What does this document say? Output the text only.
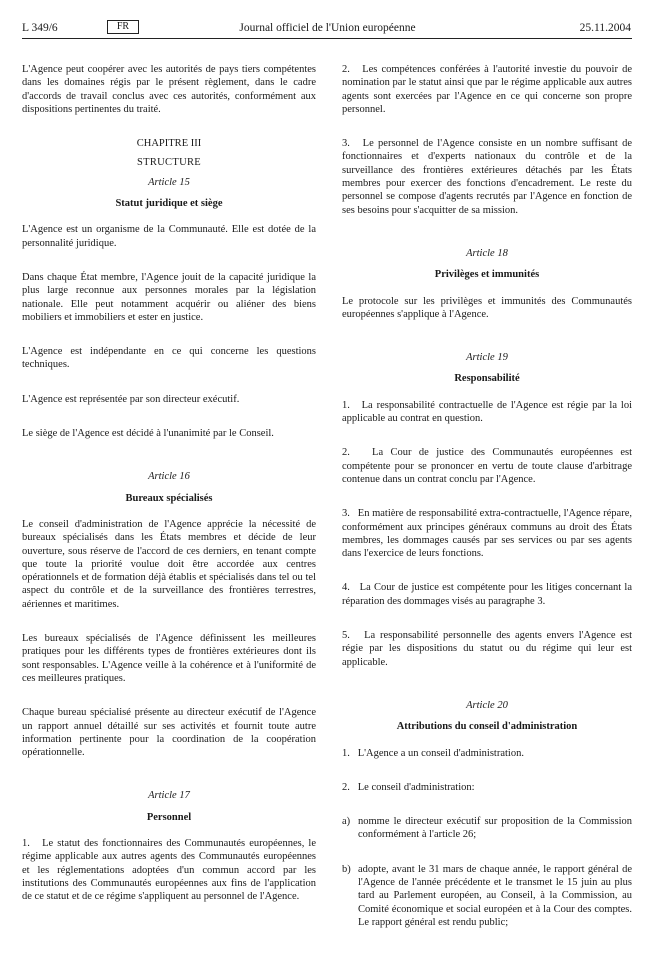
L 349/6	FR	Journal officiel de l'Union européenne	25.11.2004

L'Agence peut coopérer avec les autorités de pays tiers compétentes dans les domaines régis par le présent règlement, dans le cadre d'accords de travail conclus avec ces autorités, conformément aux dispositions pertinentes du traité.

CHAPITRE III
STRUCTURE
Article 15
Statut juridique et siège

L'Agence est un organisme de la Communauté. Elle est dotée de la personnalité juridique.

Dans chaque État membre, l'Agence jouit de la capacité juridique la plus large reconnue aux personnes morales par la législation nationale. Elle peut notamment acquérir ou aliéner des biens mobiliers et immobiliers et ester en justice.

L'Agence est indépendante en ce qui concerne les questions techniques.

L'Agence est représentée par son directeur exécutif.

Le siège de l'Agence est décidé à l'unanimité par le Conseil.

Article 16
Bureaux spécialisés

Le conseil d'administration de l'Agence apprécie la nécessité de bureaux spécialisés dans les États membres et décide de leur ouverture, sous réserve de l'accord de ces derniers, en tenant compte que toute la priorité voulue doit être accordée aux centres opérationnels et de formation déjà établis et spécialisés dans tel ou tel aspect du contrôle et de la surveillance des frontières terrestres, aériennes et maritimes.

Les bureaux spécialisés de l'Agence définissent les meilleures pratiques pour les différents types de frontières extérieures dont ils sont responsables. L'Agence veille à la cohérence et à l'uniformité de ces meilleures pratiques.

Chaque bureau spécialisé présente au directeur exécutif de l'Agence un rapport annuel détaillé sur ses activités et fournit toute autre information pertinente pour la coordination de la coopération opérationnelle.

Article 17
Personnel

1.   Le statut des fonctionnaires des Communautés européennes, le régime applicable aux autres agents des Communautés européennes et les réglementations adoptées d'un commun accord par les institutions des Communautés européennes aux fins de l'application de ce statut et de ce régime s'appliquent au personnel de l'Agence.

2.   Les compétences conférées à l'autorité investie du pouvoir de nomination par le statut ainsi que par le régime applicable aux autres agents sont exercées par l'Agence en ce qui concerne son propre personnel.

3.   Le personnel de l'Agence consiste en un nombre suffisant de fonctionnaires et d'experts nationaux du contrôle et de la surveillance des frontières extérieures détachés par les États membres pour exercer des fonctions d'encadrement. Le reste du personnel se compose d'agents recrutés par l'Agence en fonction de ses besoins pour s'acquitter de sa mission.

Article 18
Privilèges et immunités

Le protocole sur les privilèges et immunités des Communautés européennes s'applique à l'Agence.

Article 19
Responsabilité

1.   La responsabilité contractuelle de l'Agence est régie par la loi applicable au contrat en question.

2.   La Cour de justice des Communautés européennes est compétente pour se prononcer en vertu de toute clause d'arbitrage contenue dans un contrat conclu par l'Agence.

3.   En matière de responsabilité extra-contractuelle, l'Agence répare, conformément aux principes généraux communs au droit des États membres, les dommages causés par ses services ou par ses agents dans l'exercice de leurs fonctions.

4.   La Cour de justice est compétente pour les litiges concernant la réparation des dommages visés au paragraphe 3.

5.   La responsabilité personnelle des agents envers l'Agence est régie par les dispositions du statut ou du régime qui leur est applicable.

Article 20
Attributions du conseil d'administration

1.   L'Agence a un conseil d'administration.

2.   Le conseil d'administration:

a) nomme le directeur exécutif sur proposition de la Commission conformément à l'article 26;
b) adopte, avant le 31 mars de chaque année, le rapport général de l'Agence de l'année précédente et le transmet le 15 juin au plus tard au Parlement européen, au Conseil, à la Commission, au Comité économique et social européen et à la Cour des comptes. Le rapport général est rendu public;
